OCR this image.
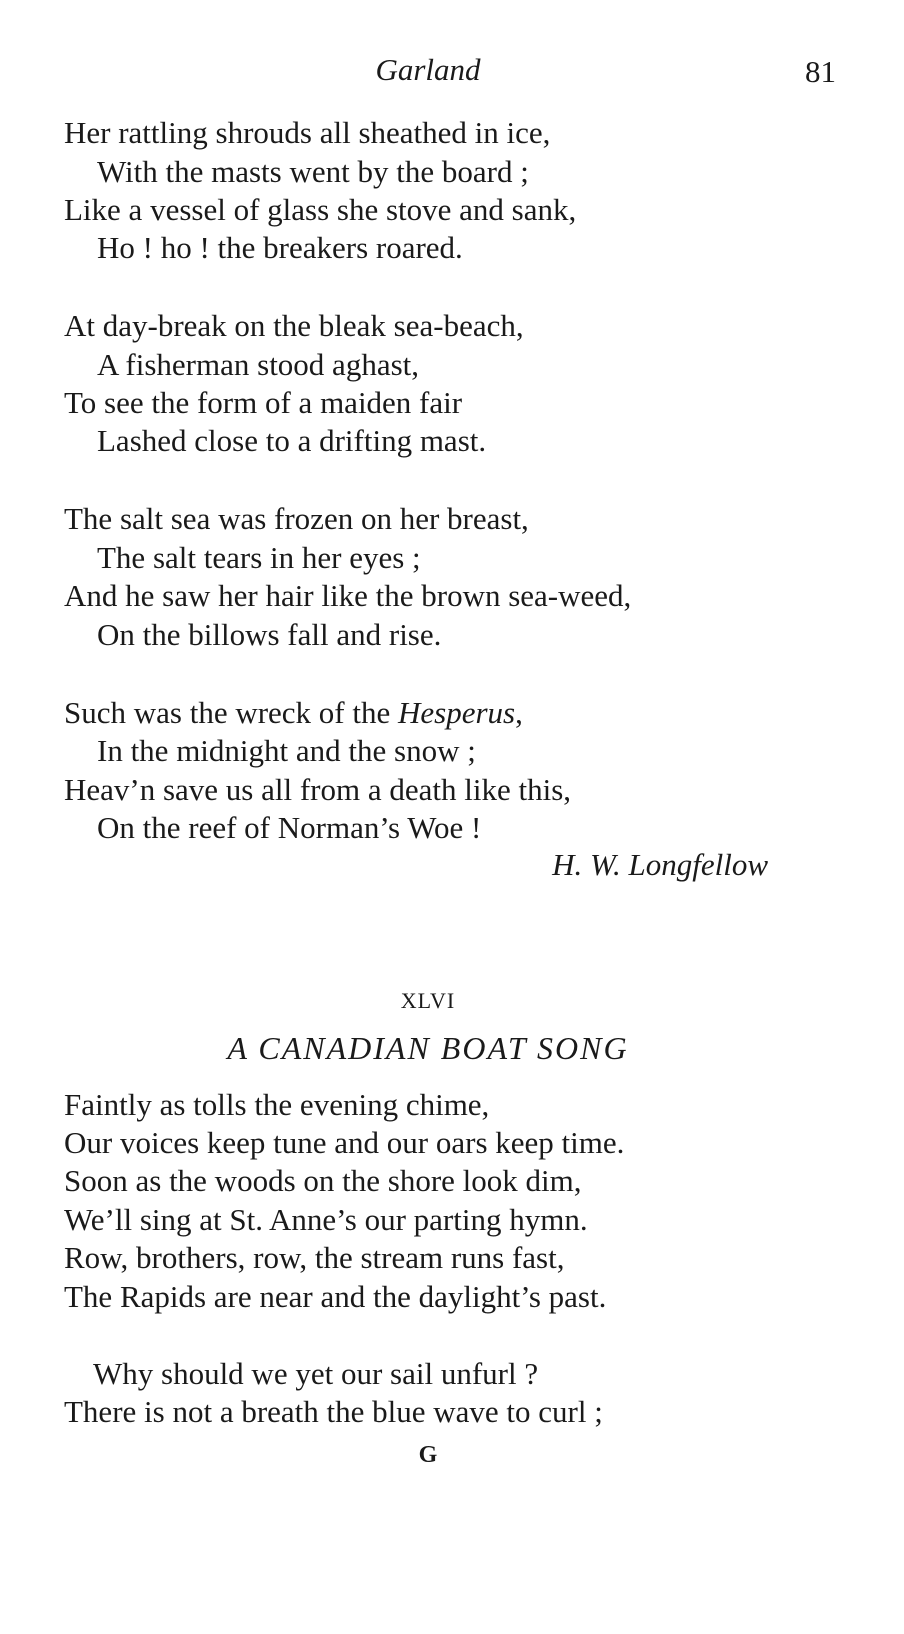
Garland	81
Her rattling shrouds all sheathed in ice,
With the masts went by the board ;
Like a vessel of glass she stove and sank,
Ho ! ho ! the breakers roared.
At day-break on the bleak sea-beach,
A fisherman stood aghast,
To see the form of a maiden fair
Lashed close to a drifting mast.
The salt sea was frozen on her breast,
The salt tears in her eyes ;
And he saw her hair like the brown sea-weed,
On the billows fall and rise.
Such was the wreck of the Hesperus,
In the midnight and the snow ;
Heav’n save us all from a death like this,
On the reef of Norman’s Woe !
H. W. Longfellow
XLVI
A CANADIAN BOAT SONG
Faintly as tolls the evening chime,
Our voices keep tune and our oars keep time.
Soon as the woods on the shore look dim,
We’ll sing at St. Anne’s our parting hymn.
Row, brothers, row, the stream runs fast,
The Rapids are near and the daylight’s past.
Why should we yet our sail unfurl ?
There is not a breath the blue wave to curl ;
G
